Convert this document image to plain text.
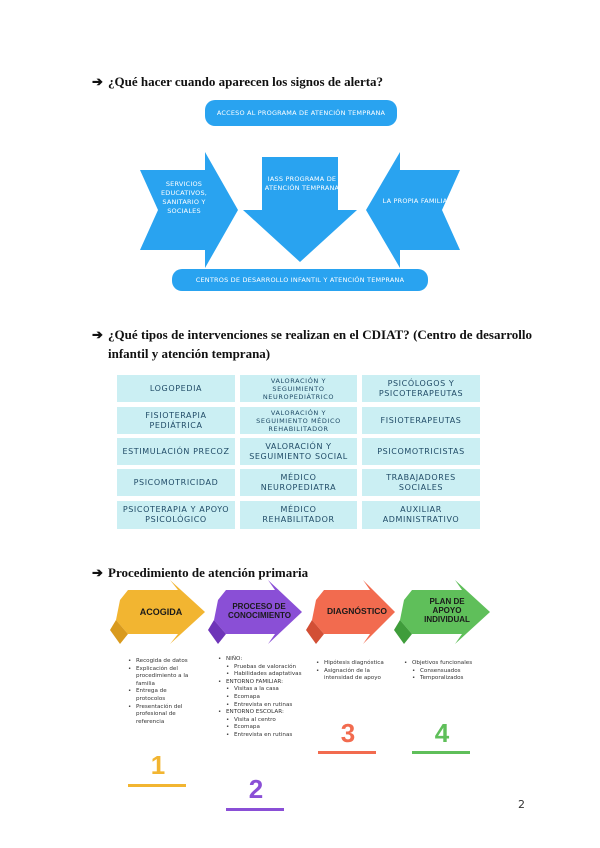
➔ ¿Qué hacer cuando aparecen los signos de alerta?
ACCESO AL PROGRAMA DE ATENCIÓN TEMPRANA
SERVICIOS EDUCATIVOS, SANITARIO Y SOCIALES
IASS PROGRAMA DE ATENCIÓN TEMPRANA
LA PROPIA FAMILIA
CENTROS DE DESARROLLO INFANTIL Y ATENCIÓN TEMPRANA
➔ ¿Qué tipos de intervenciones se realizan en el CDIAT? (Centro de desarrollo infantil y atención temprana)
LOGOPEDIA
VALORACIÓN Y SEGUIMIENTO NEUROPEDIÁTRICO
PSICÓLOGOS Y PSICOTERAPEUTAS
FISIOTERAPIA PEDIÁTRICA
VALORACIÓN Y SEGUIMIENTO MÉDICO REHABILITADOR
FISIOTERAPEUTAS
ESTIMULACIÓN PRECOZ
VALORACIÓN Y SEGUIMIENTO SOCIAL
PSICOMOTRICISTAS
PSICOMOTRICIDAD
MÉDICO NEUROPEDIATRA
TRABAJADORES SOCIALES
PSICOTERAPIA Y APOYO PSICOLÓGICO
MÉDICO REHABILITADOR
AUXILIAR ADMINISTRATIVO
➔ Procedimiento de atención primaria
ACOGIDA
PROCESO DE CONOCIMIENTO	DIAGNÓSTICO
PLAN DE APOYO INDIVIDUAL
• Recogida de datos
• Explicación del procedimiento a la familia
• Entrega de protocolos
• Presentación del profesional de referencia
• NIÑO:
• Pruebas de valoración
• Habilidades adaptativas
• ENTORNO FAMILIAR:
• Visitas a la casa
• Ecomapa
• Entrevista en rutinas
• ENTORNO ESCOLAR:
• Visita al centro
• Ecomapa
• Entrevista en rutinas
• Hipótesis diagnóstica
• Asignación de la intensidad de apoyo
• Objetivos funcionales
• Consensuados
• Temporalizados
1
2
3	4
2
